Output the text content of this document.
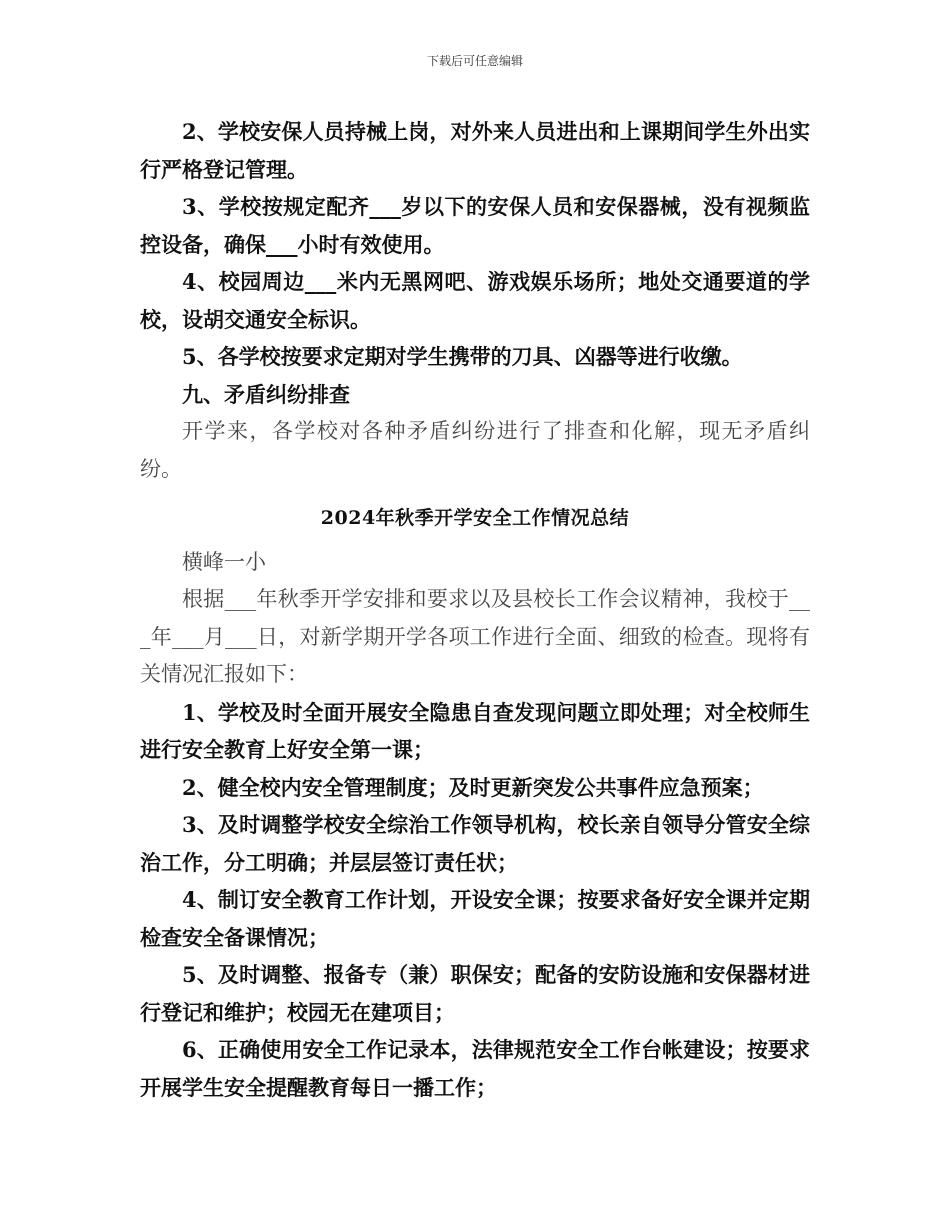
下载后可任意编辑

2、学校安保人员持械上岗，对外来人员进出和上课期间学生外出实行严格登记管理。

3、学校按规定配齐___岁以下的安保人员和安保器械，没有视频监控设备，确保___小时有效使用。

4、校园周边___米内无黑网吧、游戏娱乐场所；地处交通要道的学校，设胡交通安全标识。

5、各学校按要求定期对学生携带的刀具、凶器等进行收缴。

九、矛盾纠纷排查

开学来，各学校对各种矛盾纠纷进行了排查和化解，现无矛盾纠纷。

2024年秋季开学安全工作情况总结

横峰一小

根据___年秋季开学安排和要求以及县校长工作会议精神，我校于___年___月___日，对新学期开学各项工作进行全面、细致的检查。现将有关情况汇报如下：

1、学校及时全面开展安全隐患自查发现问题立即处理；对全校师生进行安全教育上好安全第一课；

2、健全校内安全管理制度；及时更新突发公共事件应急预案；

3、及时调整学校安全综治工作领导机构，校长亲自领导分管安全综治工作，分工明确；并层层签订责任状；

4、制订安全教育工作计划，开设安全课；按要求备好安全课并定期检查安全备课情况；

5、及时调整、报备专（兼）职保安；配备的安防设施和安保器材进行登记和维护；校园无在建项目；

6、正确使用安全工作记录本，法律规范安全工作台帐建设；按要求开展学生安全提醒教育每日一播工作；
